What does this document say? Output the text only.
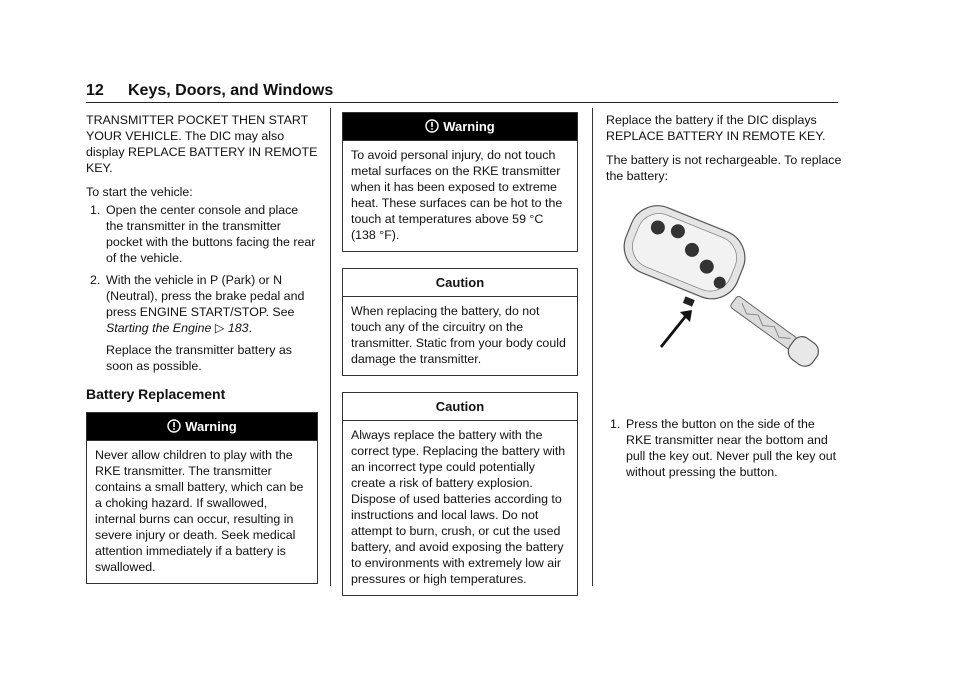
12 Keys, Doors, and Windows

TRANSMITTER POCKET THEN START YOUR VEHICLE. The DIC may also display REPLACE BATTERY IN REMOTE KEY.

To start the vehicle:

1. Open the center console and place the transmitter in the transmitter pocket with the buttons facing the rear of the vehicle.
2. With the vehicle in P (Park) or N (Neutral), press the brake pedal and press ENGINE START/STOP. See Starting the Engine ▷ 183.
Replace the transmitter battery as soon as possible.
Battery Replacement
Warning
Never allow children to play with the RKE transmitter. The transmitter contains a small battery, which can be a choking hazard. If swallowed, internal burns can occur, resulting in severe injury or death. Seek medical attention immediately if a battery is swallowed.
Warning
To avoid personal injury, do not touch metal surfaces on the RKE transmitter when it has been exposed to extreme heat. These surfaces can be hot to the touch at temperatures above 59 °C (138 °F).
Caution
When replacing the battery, do not touch any of the circuitry on the transmitter. Static from your body could damage the transmitter.
Caution
Always replace the battery with the correct type. Replacing the battery with an incorrect type could potentially create a risk of battery explosion. Dispose of used batteries according to instructions and local laws. Do not attempt to burn, crush, or cut the used battery, and avoid exposing the battery to environments with extremely low air pressures or high temperatures.

Replace the battery if the DIC displays REPLACE BATTERY IN REMOTE KEY.

The battery is not rechargeable. To replace the battery:

1. Press the button on the side of the RKE transmitter near the bottom and pull the key out. Never pull the key out without pressing the button.
